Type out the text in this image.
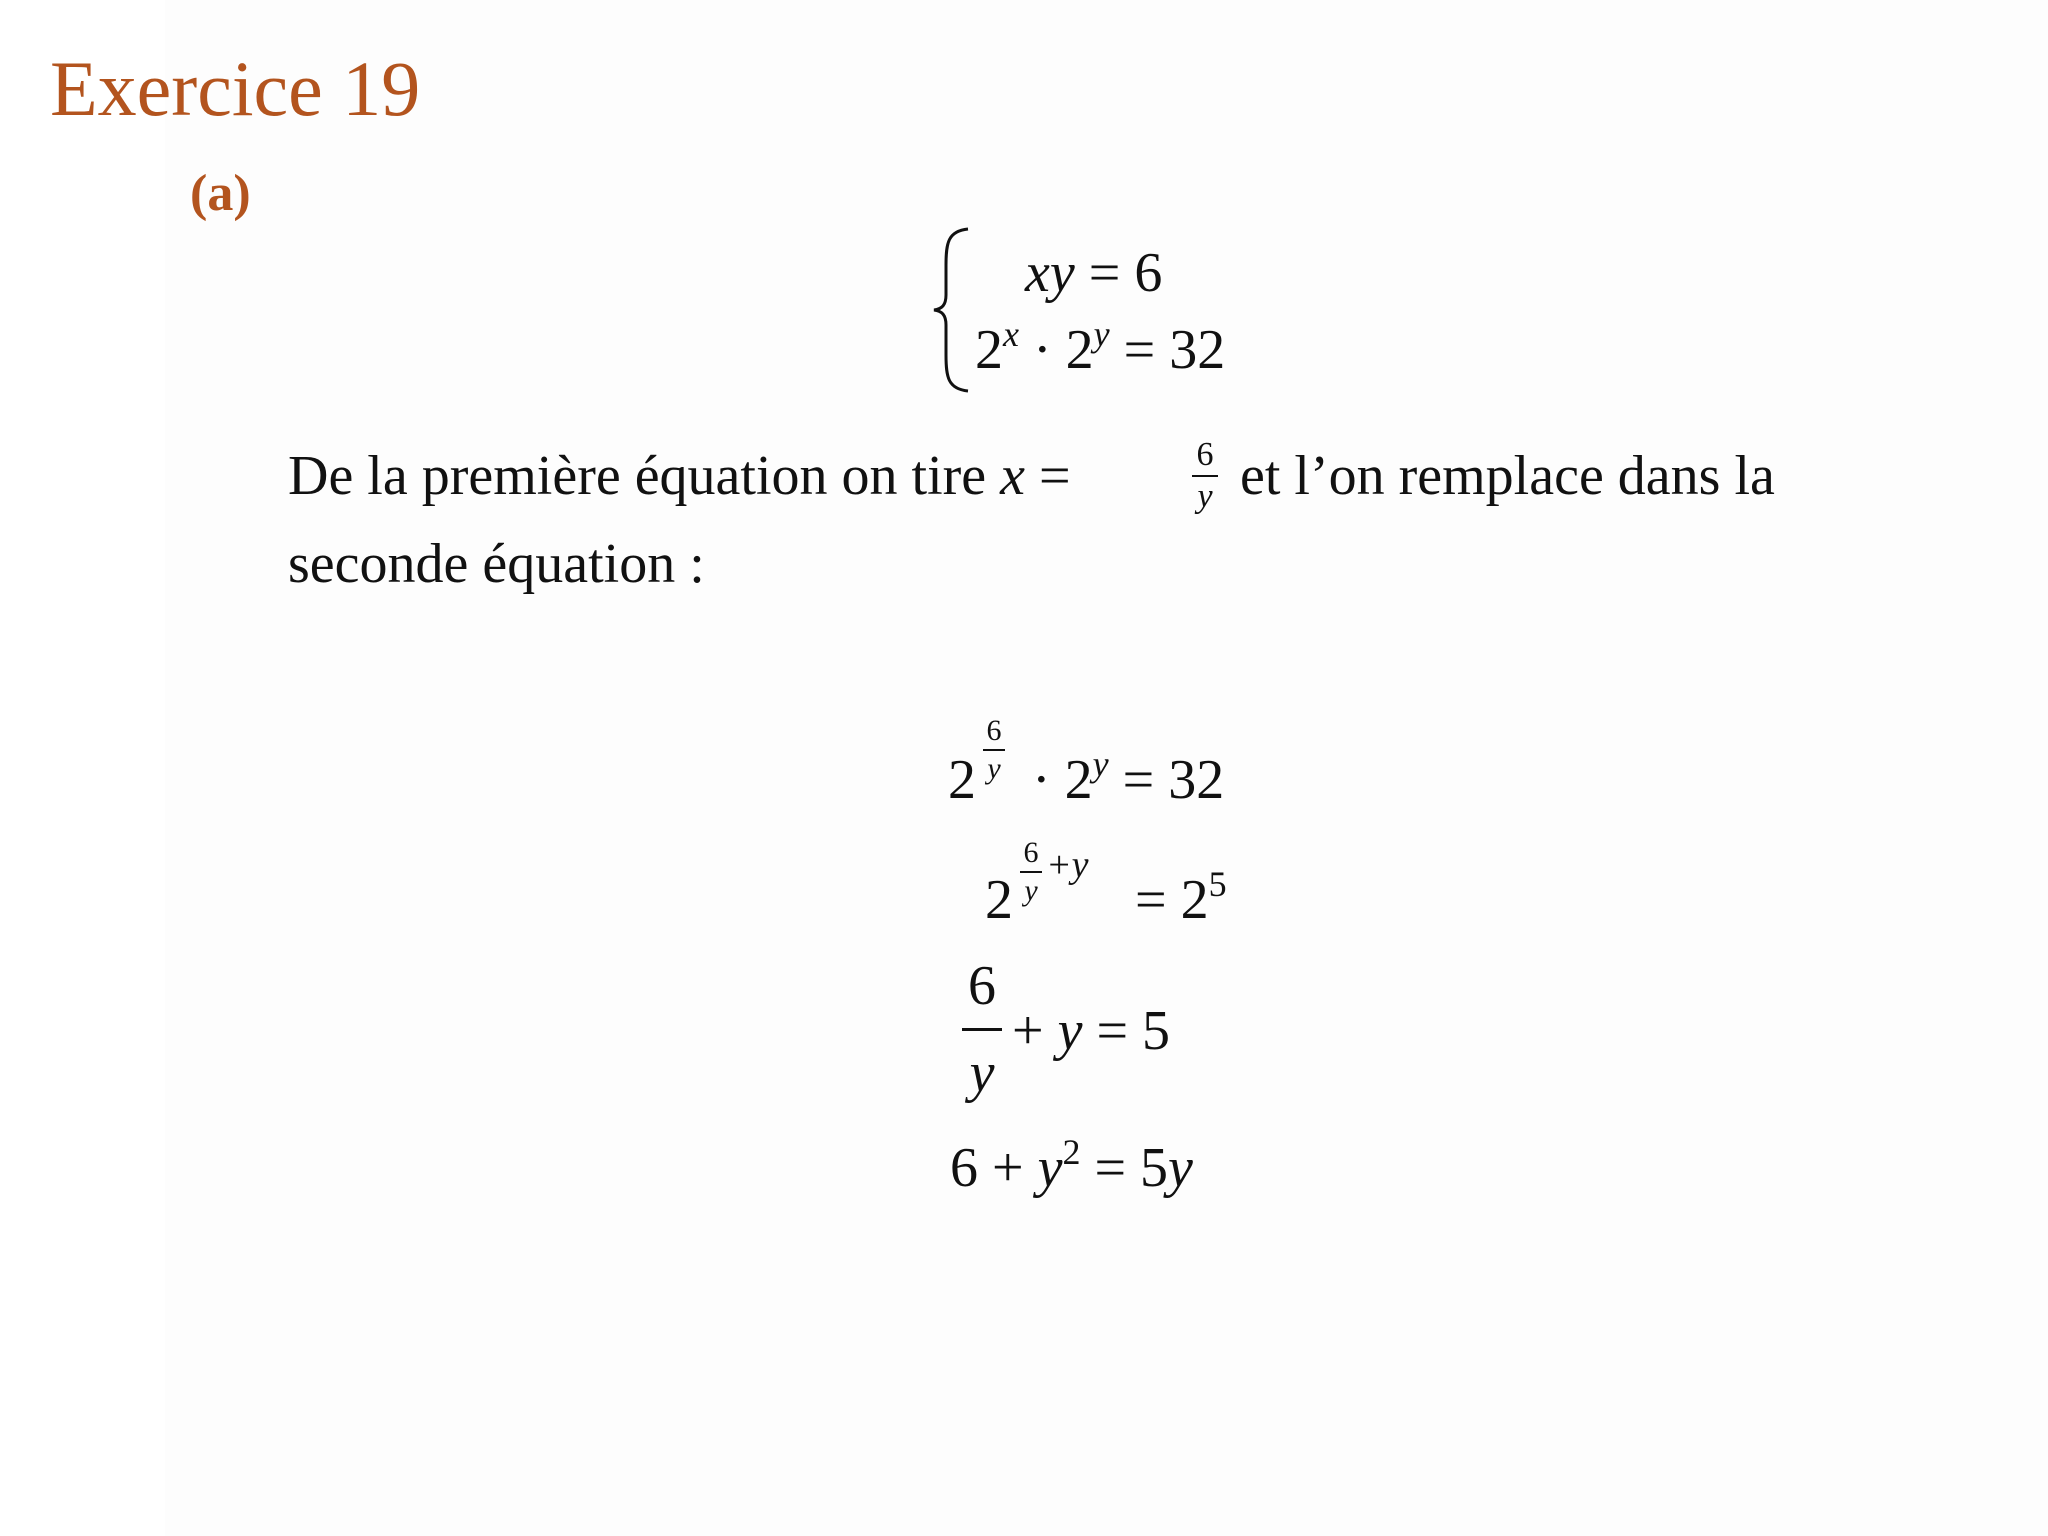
Exercice 19
(a)
xy = 6
$2^x \cdot 2^y = 32$
De la première équation on tire x =	6
y et l’on remplace dans la
seconde équation :
$2 \cdot 2^y = 32$
6
y
$2 = 2^5$
6
y
+y
6
y
+ y = 5
$6 + y^2 = 5y$
